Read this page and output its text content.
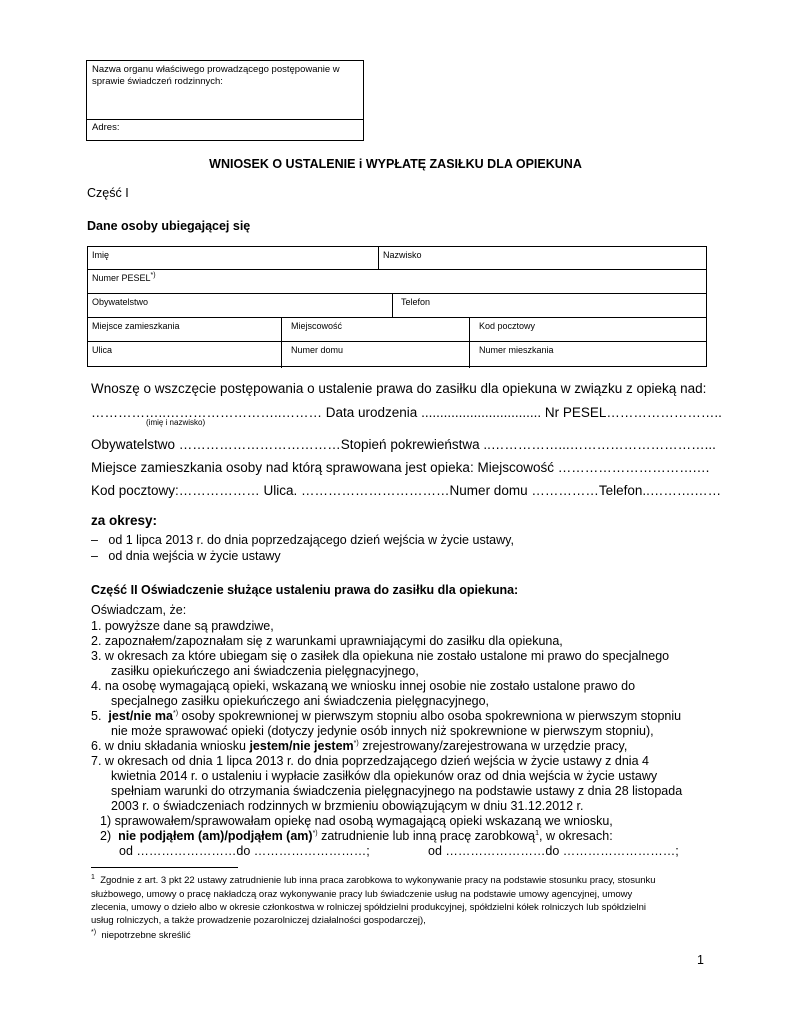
Nazwa organu właściwego prowadzącego postępowanie w sprawie świadczeń rodzinnych:
Adres:
WNIOSEK O USTALENIE i WYPŁATĘ ZASIŁKU DLA OPIEKUNA
Część I
Dane osoby ubiegającej się
Imię	Nazwisko
Numer PESEL*)
Obywatelstwo	Telefon
Miejsce zamieszkania	Miejscowość	Kod pocztowy
Ulica	Numer domu	Numer mieszkania
Wnoszę o wszczęcie postępowania o ustalenie prawa do zasiłku dla opiekuna w związku z opieką nad:
……………..……………………..……… Data urodzenia ................................ Nr PESEL……………………..
(imię i nazwisko)
Obywatelstwo ………………………………Stopień pokrewieństwa ..……………...…………………………...
Miejsce zamieszkania osoby nad którą sprawowana jest opieka: Miejscowość ………………………….…
Kod pocztowy:……………… Ulica. ……………………………Numer domu ……………Telefon..……….……
za okresy:
–   od 1 lipca 2013 r. do dnia poprzedzającego dzień wejścia w życie ustawy,
–   od dnia wejścia w życie ustawy
Część II Oświadczenie służące ustaleniu prawa do zasiłku dla opiekuna:
Oświadczam, że:
1. powyższe dane są prawdziwe,
2. zapoznałem/zapoznałam się z warunkami uprawniającymi do zasiłku dla opiekuna,
3. w okresach za które ubiegam się o zasiłek dla opiekuna nie zostało ustalone mi prawo do specjalnego
zasiłku opiekuńczego ani świadczenia pielęgnacyjnego,
4. na osobę wymagającą opieki, wskazaną we wniosku innej osobie nie zostało ustalone prawo do
specjalnego zasiłku opiekuńczego ani świadczenia pielęgnacyjnego,
5. jest/nie ma*) osoby spokrewnionej w pierwszym stopniu albo osoba spokrewniona w pierwszym stopniu
nie może sprawować opieki (dotyczy jedynie osób innych niż spokrewnione w pierwszym stopniu),
6. w dniu składania wniosku jestem/nie jestem*) zrejestrowany/zarejestrowana w urzędzie pracy,
7. w okresach od dnia 1 lipca 2013 r. do dnia poprzedzającego dzień wejścia w życie ustawy z dnia 4
kwietnia 2014 r. o ustaleniu i wypłacie zasiłków dla opiekunów oraz od dnia wejścia w życie ustawy
spełniam warunki do otrzymania świadczenia pielęgnacyjnego na podstawie ustawy z dnia 28 listopada
2003 r. o świadczeniach rodzinnych w brzmieniu obowiązującym w dniu 31.12.2012 r.
1) sprawowałem/sprawowałam opiekę nad osobą wymagającą opieki wskazaną we wniosku,
2) nie podjąłem (am)/podjąłem (am)*) zatrudnienie lub inną pracę zarobkową$^1$, w okresach:
od ……………………do ………………………;	od ……………………do ………………………;
$^1$ Zgodnie z art. 3 pkt 22 ustawy zatrudnienie lub inna praca zarobkowa to wykonywanie pracy na podstawie stosunku pracy, stosunku
służbowego, umowy o pracę nakładczą oraz wykonywanie pracy lub świadczenie usług na podstawie umowy agencyjnej, umowy
zlecenia, umowy o dzieło albo w okresie członkostwa w rolniczej spółdzielni produkcyjnej, spółdzielni kółek rolniczych lub spółdzielni
usług rolniczych, a także prowadzenie pozarolniczej działalności gospodarczej),
*) niepotrzebne skreślić
1
